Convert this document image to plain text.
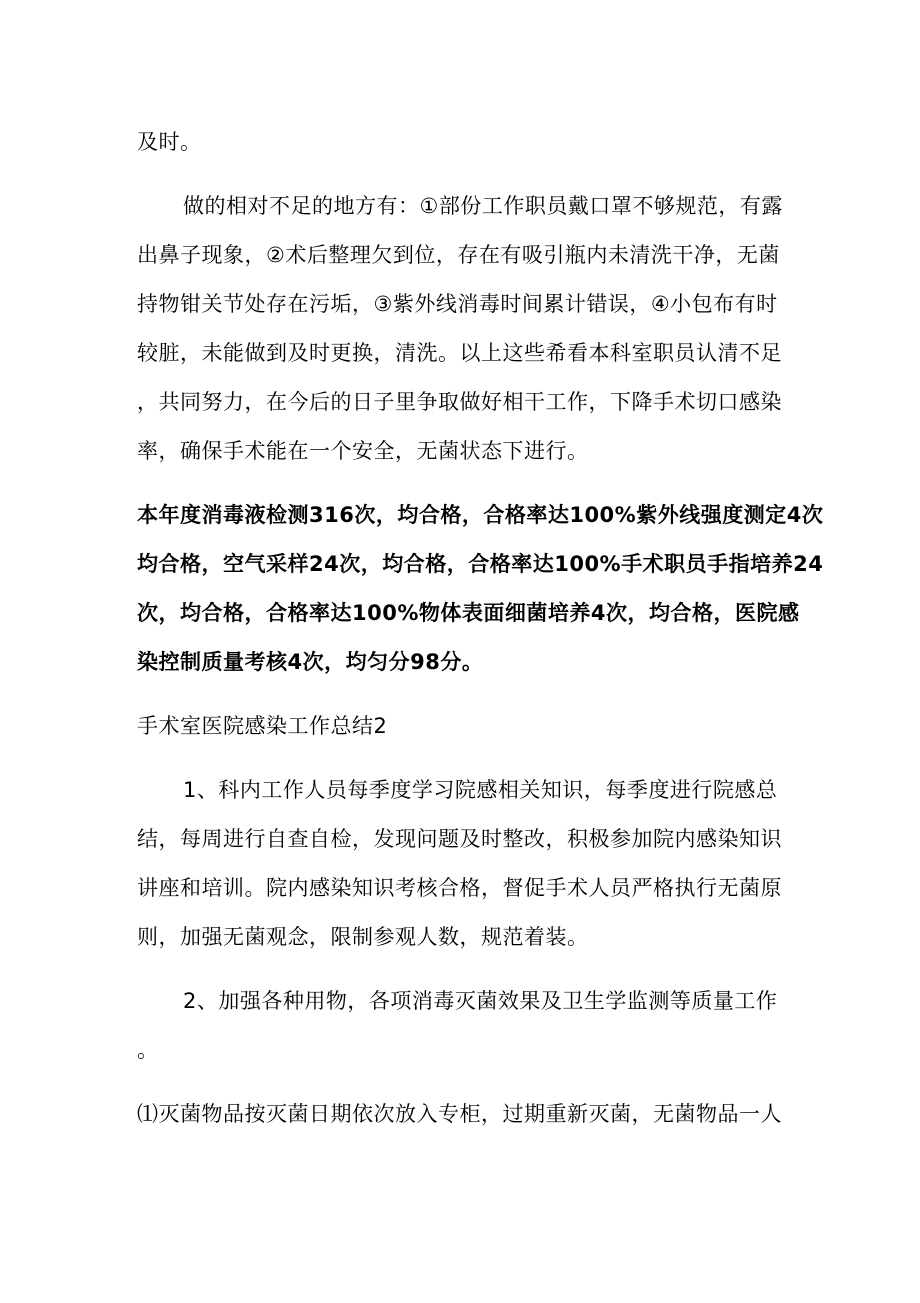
及时。

做的相对不足的地方有：①部份工作职员戴口罩不够规范，有露

出鼻子现象，②术后整理欠到位，存在有吸引瓶内未清洗干净，无菌

持物钳关节处存在污垢，③紫外线消毒时间累计错误，④小包布有时

较脏，未能做到及时更换，清洗。以上这些希看本科室职员认清不足

，共同努力，在今后的日子里争取做好相干工作，下降手术切口感染

率，确保手术能在一个安全，无菌状态下进行。

本年度消毒液检测316次，均合格，合格率达100%紫外线强度测定4次

均合格，空气采样24次，均合格，合格率达100%手术职员手指培养24

次，均合格，合格率达100%物体表面细菌培养4次，均合格，医院感

染控制质量考核4次，均匀分98分。

手术室医院感染工作总结2

1、科内工作人员每季度学习院感相关知识，每季度进行院感总

结，每周进行自查自检，发现问题及时整改，积极参加院内感染知识

讲座和培训。院内感染知识考核合格，督促手术人员严格执行无菌原

则，加强无菌观念，限制参观人数，规范着装。

2、加强各种用物，各项消毒灭菌效果及卫生学监测等质量工作

。

⑴灭菌物品按灭菌日期依次放入专柜，过期重新灭菌，无菌物品一人
